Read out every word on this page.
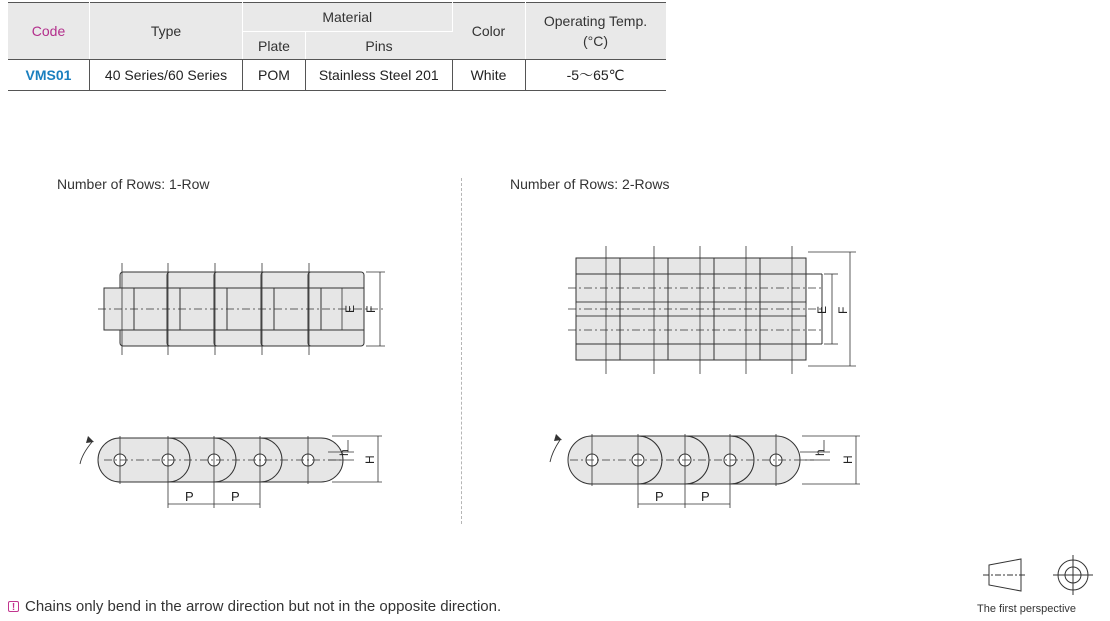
Code	Type	Material		Color	Operating Temp.
(°C)
		Plate	Pins		
VMS01	40 Series/60 Series	POM	Stainless Steel 201	White	-5～65℃
Number of Rows: 1-Row	Number of Rows: 2-Rows
E F
P	P
h
H
E F
P	P
h
H
! Chains only bend in the arrow direction but not in the opposite direction.	The first perspective
